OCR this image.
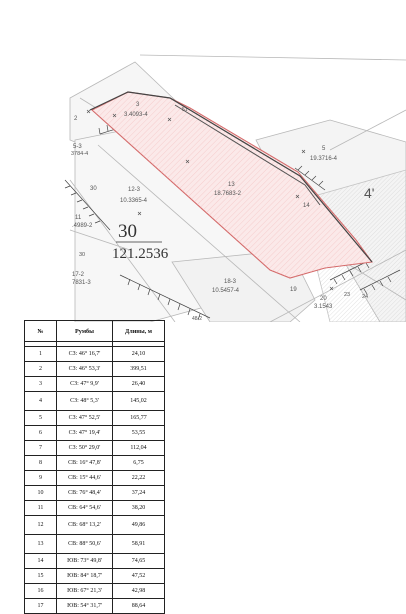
3
3.4093-4
2
51
5-3
3784-4
5
19.3716-4
4'
12-3
10.3365-4
13
18.7683-2
14
30
11
.4989-2 30
121.2536
30
17-2
7831-3	18-3
10.5457-4	19
20
3.1543
23 24
48-2
№	Румбы	Длины, м

1	СЗ: 46° 16,7'	24,10
2	СЗ: 46° 53,3'	399,51
3	СЗ: 47° 9,9'	26,40
4	СЗ: 48° 5,3'	145,02
5	СЗ: 47° 52,5'	165,77
6	СЗ: 47° 19,4'	53,55
7	СЗ: 50° 29,0'	112,04
8	СВ: 16° 47,8'	6,75
9	СВ: 15° 44,6'	22,22
10	СВ: 76° 48,4'	37,24
11	СВ: 64° 54,6'	38,20
12	СВ: 68° 13,2'	49,86
13	СВ: 88° 50,6'	58,91
14	ЮВ: 73° 49,8'	74,65
15	ЮВ: 84° 18,7'	47,52
16	ЮВ: 67° 21,3'	42,98
17	ЮВ: 54° 31,7'	88,64
